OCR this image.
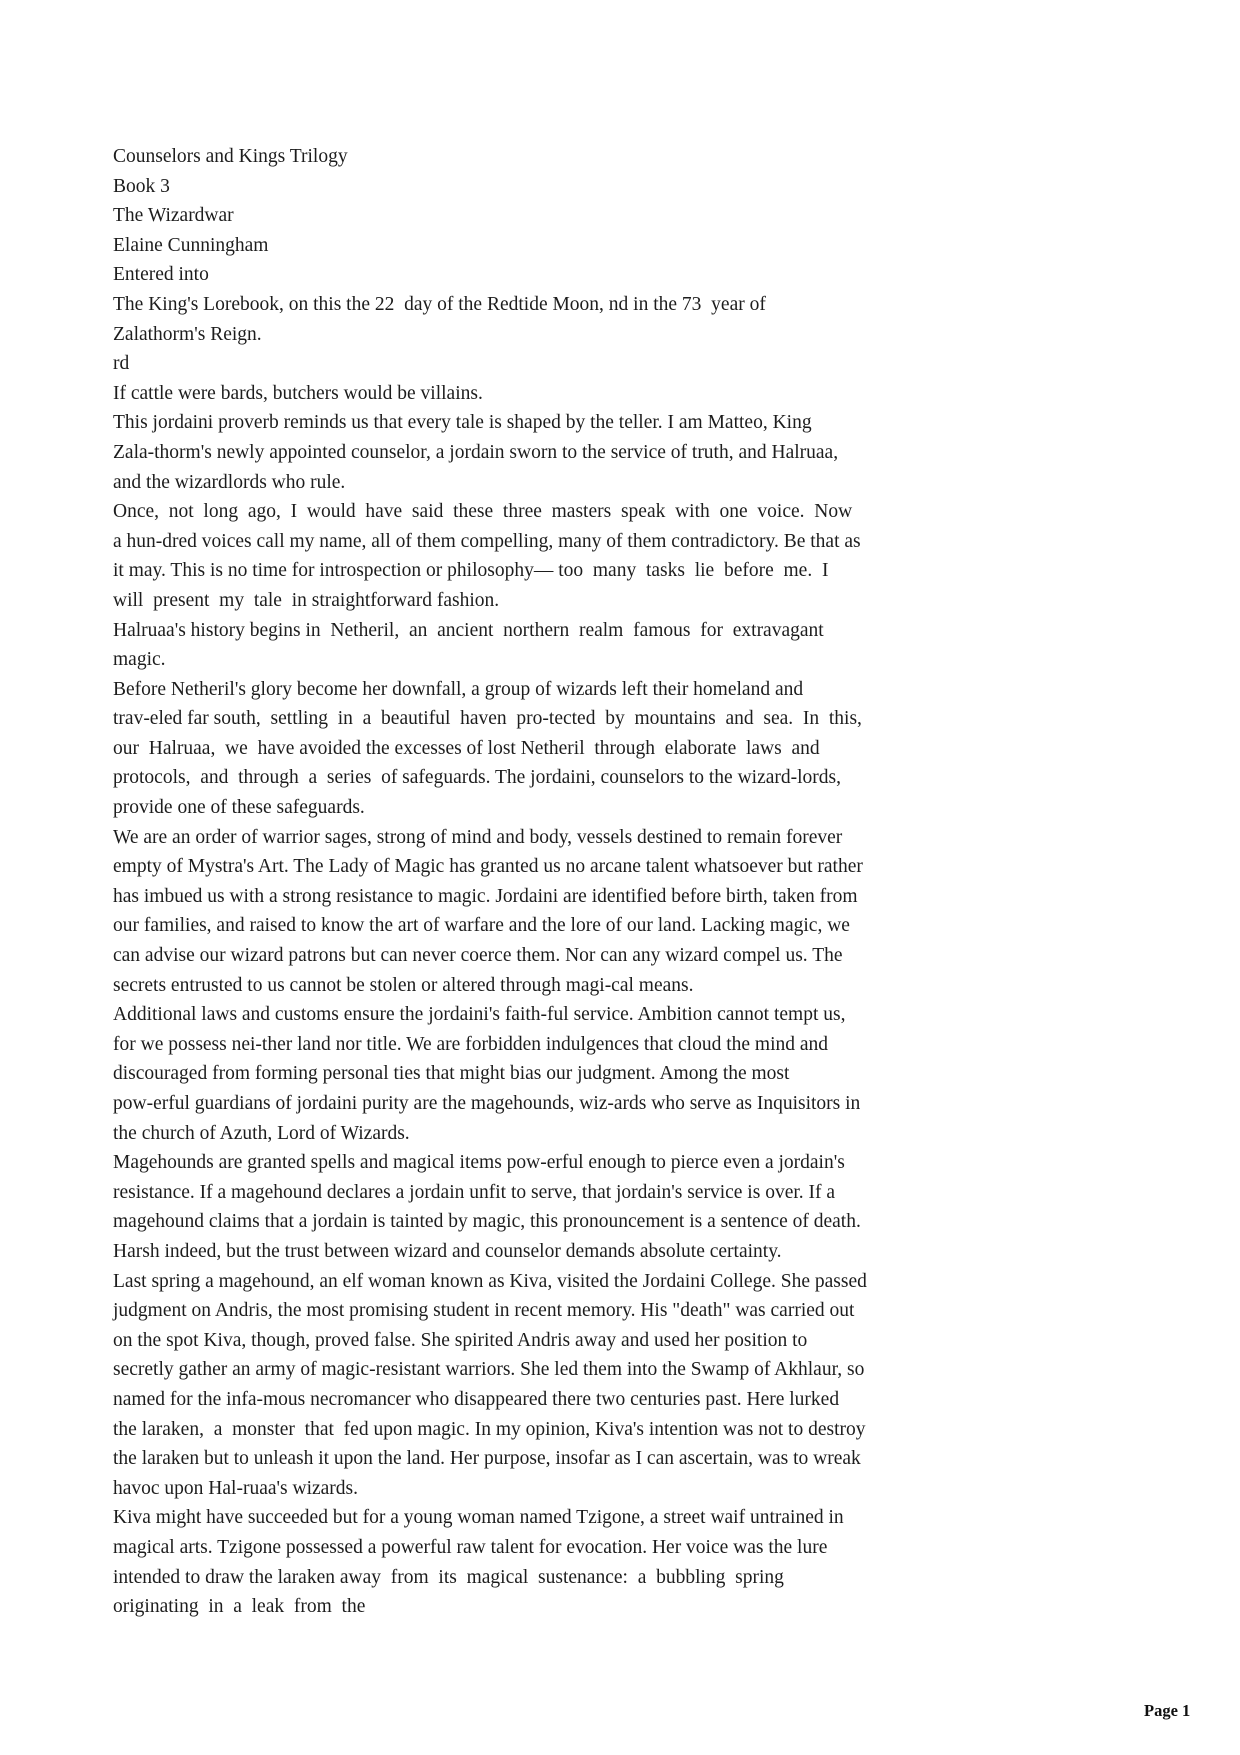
Counselors and Kings Trilogy
Book 3
The Wizardwar
Elaine Cunningham
Entered into
The King's Lorebook, on this the 22  day of the Redtide Moon, nd in the 73  year of
Zalathorm's Reign.
rd
If cattle were bards, butchers would be villains.
This jordaini proverb reminds us that every tale is shaped by the teller. I am Matteo, King
Zala-thorm's newly appointed counselor, a jordain sworn to the service of truth, and Halruaa,
and the wizardlords who rule.
Once,  not  long  ago,  I  would  have  said  these  three  masters  speak  with  one  voice.  Now
a hun-dred voices call my name, all of them compelling, many of them contradictory. Be that as
it may. This is no time for introspection or philosophy— too  many  tasks  lie  before  me.  I
will  present  my  tale  in straightforward fashion.
Halruaa's history begins in  Netheril,  an  ancient  northern  realm  famous  for  extravagant
magic.
Before Netheril's glory become her downfall, a group of wizards left their homeland and
trav-eled far south,  settling  in  a  beautiful  haven  pro-tected  by  mountains  and  sea.  In  this,
our  Halruaa,  we  have avoided the excesses of lost Netheril  through  elaborate  laws  and
protocols,  and  through  a  series  of safeguards. The jordaini, counselors to the wizard-lords,
provide one of these safeguards.
We are an order of warrior sages, strong of mind and body, vessels destined to remain forever
empty of Mystra's Art. The Lady of Magic has granted us no arcane talent whatsoever but rather
has imbued us with a strong resistance to magic. Jordaini are identified before birth, taken from
our families, and raised to know the art of warfare and the lore of our land. Lacking magic, we
can advise our wizard patrons but can never coerce them. Nor can any wizard compel us. The
secrets entrusted to us cannot be stolen or altered through magi-cal means.
Additional laws and customs ensure the jordaini's faith-ful service. Ambition cannot tempt us,
for we possess nei-ther land nor title. We are forbidden indulgences that cloud the mind and
discouraged from forming personal ties that might bias our judgment. Among the most
pow-erful guardians of jordaini purity are the magehounds, wiz-ards who serve as Inquisitors in
the church of Azuth, Lord of Wizards.
Magehounds are granted spells and magical items pow-erful enough to pierce even a jordain's
resistance. If a magehound declares a jordain unfit to serve, that jordain's service is over. If a
magehound claims that a jordain is tainted by magic, this pronouncement is a sentence of death.
Harsh indeed, but the trust between wizard and counselor demands absolute certainty.
Last spring a magehound, an elf woman known as Kiva, visited the Jordaini College. She passed
judgment on Andris, the most promising student in recent memory. His "death" was carried out
on the spot Kiva, though, proved false. She spirited Andris away and used her position to
secretly gather an army of magic-resistant warriors. She led them into the Swamp of Akhlaur, so
named for the infa-mous necromancer who disappeared there two centuries past. Here lurked
the laraken,  a  monster  that  fed upon magic. In my opinion, Kiva's intention was not to destroy
the laraken but to unleash it upon the land. Her purpose, insofar as I can ascertain, was to wreak
havoc upon Hal-ruaa's wizards.
Kiva might have succeeded but for a young woman named Tzigone, a street waif untrained in
magical arts. Tzigone possessed a powerful raw talent for evocation. Her voice was the lure
intended to draw the laraken away  from  its  magical  sustenance:  a  bubbling  spring
originating  in  a  leak  from  the
Page 1
